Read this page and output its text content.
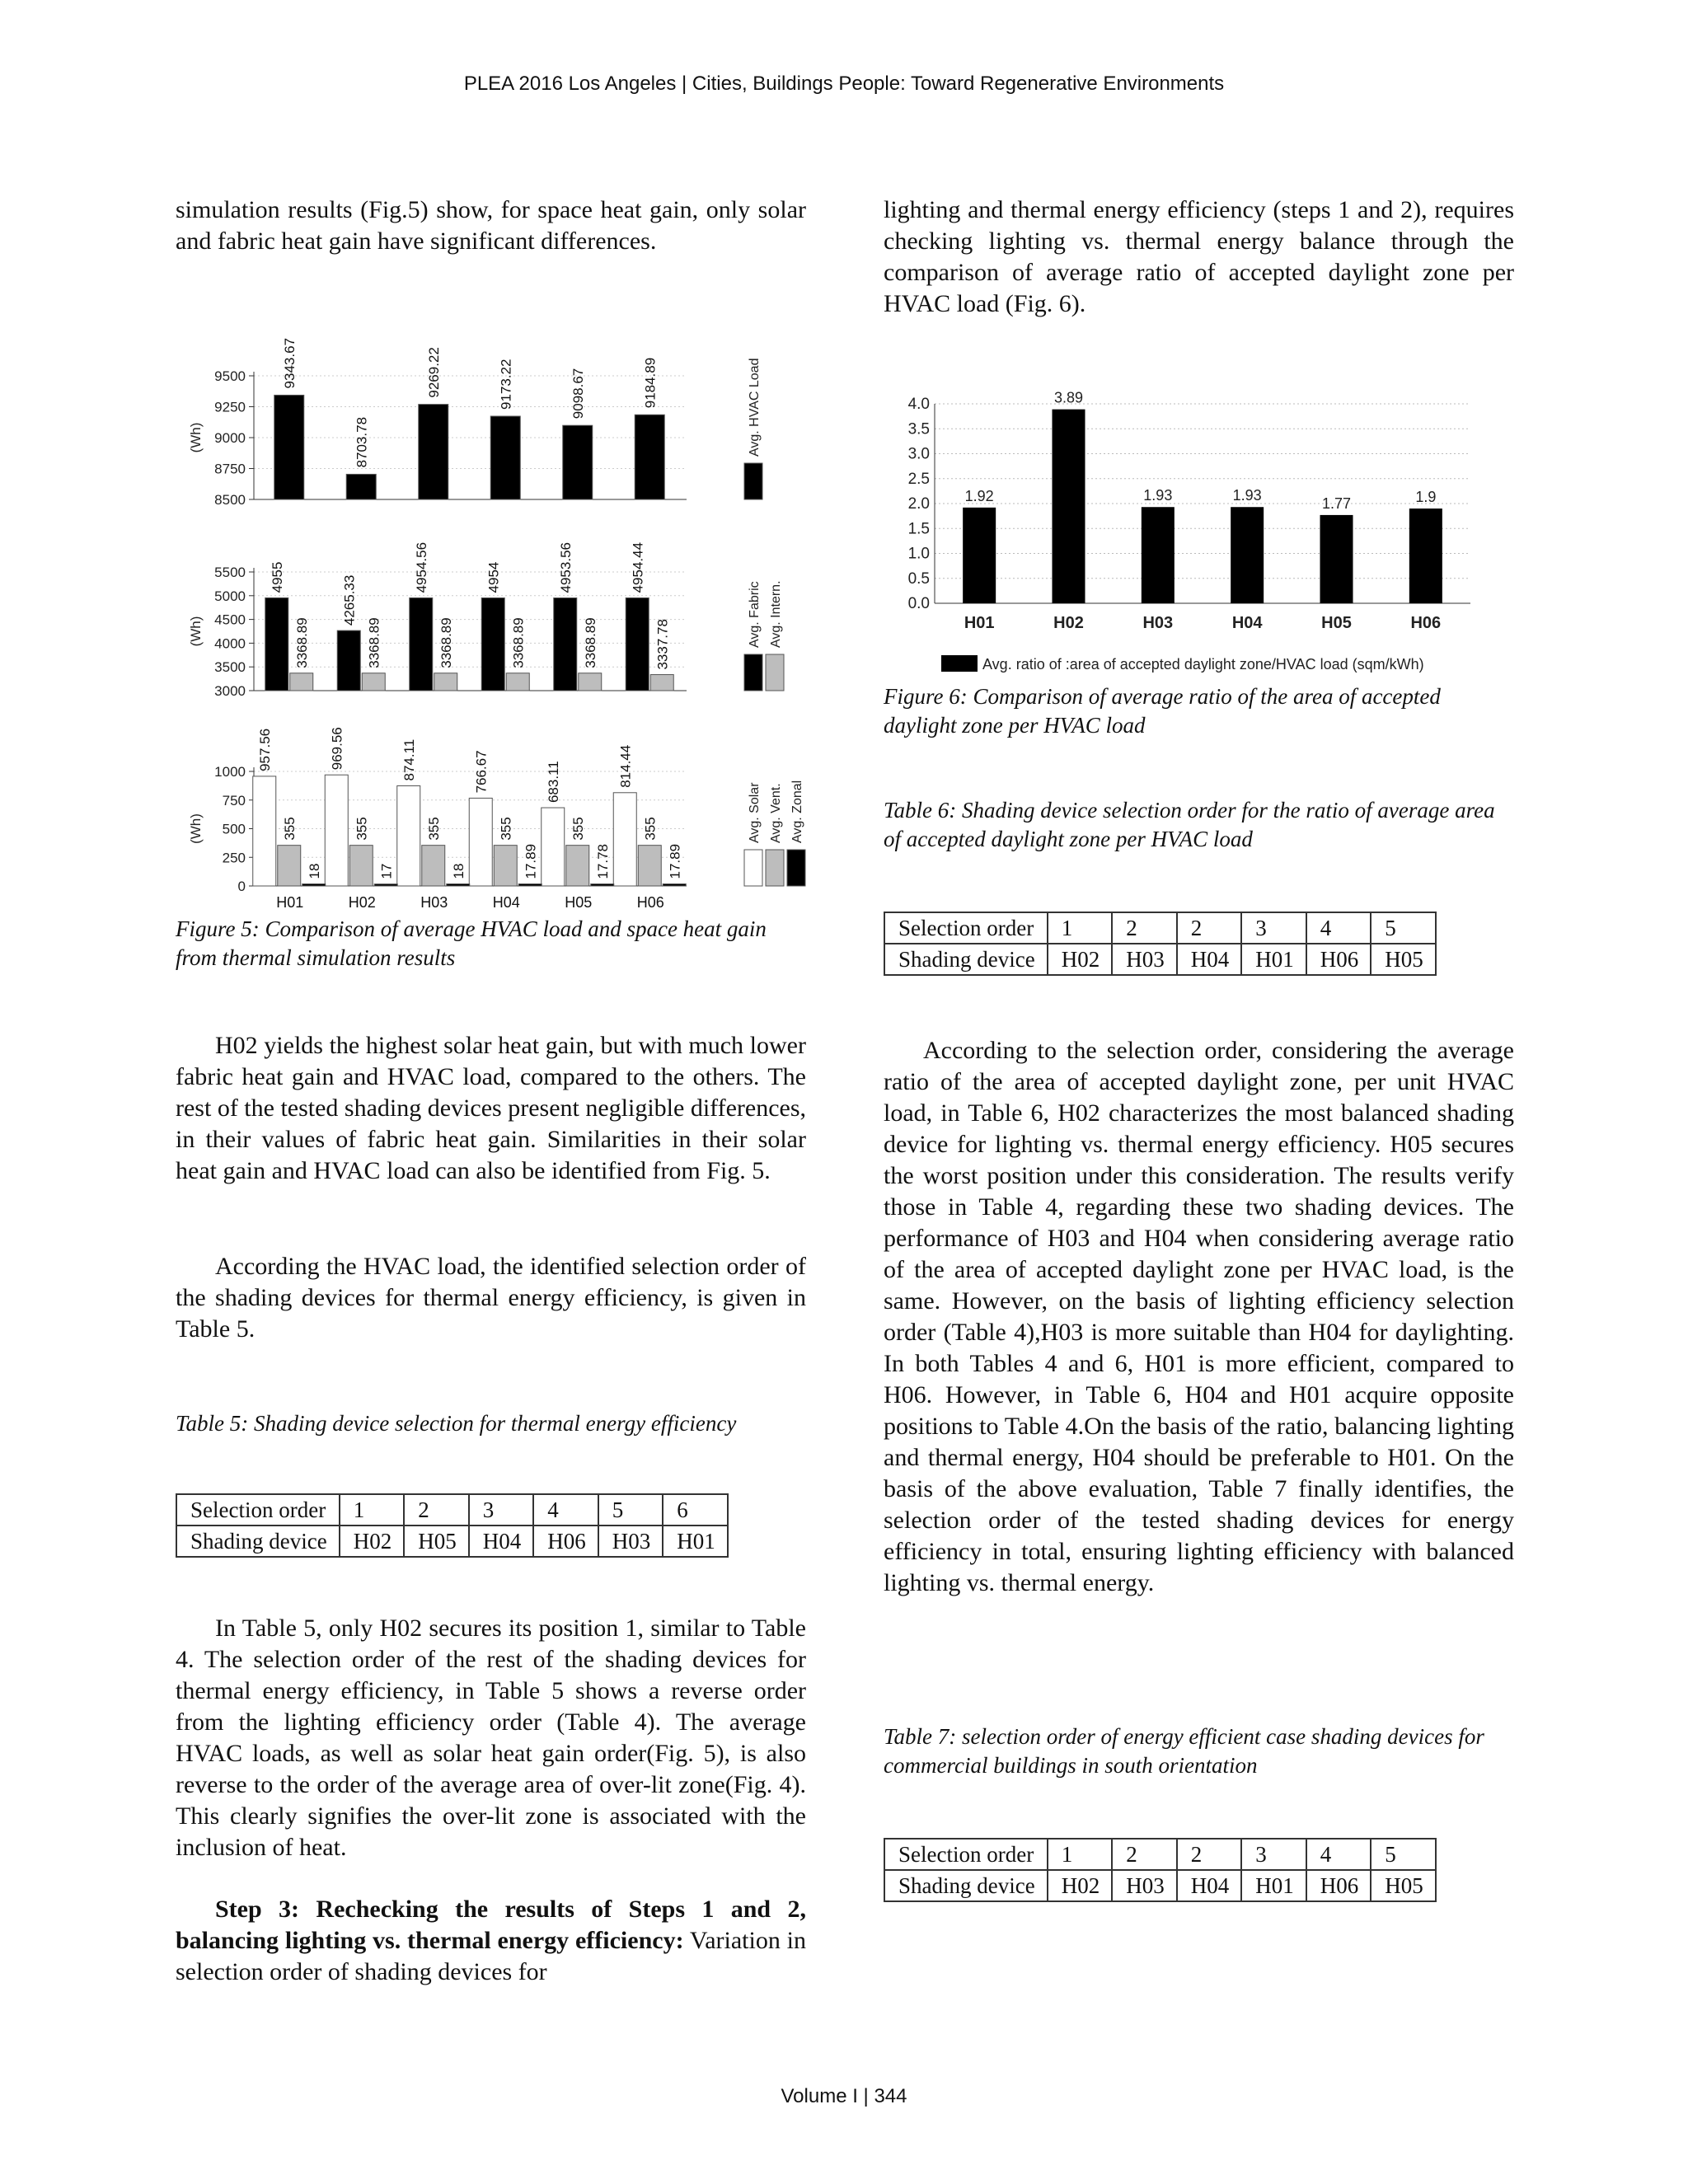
PLEA 2016 Los Angeles | Cities, Buildings People: Toward Regenerative Environments

simulation results (Fig.5) show, for space heat gain, only solar and fabric heat gain have significant differences.

9500
9250
9000
8750
8500
(Wh)
9343.67
8703.78
9269.22	9173.22	9098.67	9184.89	Avg. HVAC Load
5500
5000
4500
4000
3500
3000
(Wh)
4955	4265.33
4954.56	4954	4953.56	4954.44
3368.89	3368.89	3368.89	3368.89	3368.89	3337.78	Avg. Fabric Avg. Intern.
1000
750
500
250
0
(Wh)
957.56	969.56	874.11	766.67	683.11	814.44
355	355	355	355	355	355
18	17	18	17.89	17.78	17.89
H01	H02	H03	H04	H05	H06
Avg. Solar Avg. Vent. Avg. Zonal
Figure 5: Comparison of average HVAC load and space heat gain from thermal simulation results

H02 yields the highest solar heat gain, but with much lower fabric heat gain and HVAC load, compared to the others. The rest of the tested shading devices present negligible differences, in their values of fabric heat gain. Similarities in their solar heat gain and HVAC load can also be identified from Fig. 5.

According the HVAC load, the identified selection order of the shading devices for thermal energy efficiency, is given in Table 5.

Table 5: Shading device selection for thermal energy efficiency
Selection order	1	2	3	4	5	6
Shading device	H02	H05	H04	H06	H03	H01

In Table 5, only H02 secures its position 1, similar to Table 4. The selection order of the rest of the shading devices for thermal energy efficiency, in Table 5 shows a reverse order from the lighting efficiency order (Table 4). The average HVAC loads, as well as solar heat gain order(Fig. 5), is also reverse to the order of the average area of over-lit zone(Fig. 4). This clearly signifies the over-lit zone is associated with the inclusion of heat.

Step 3: Rechecking the results of Steps 1 and 2, balancing lighting vs. thermal energy efficiency: Variation in selection order of shading devices for

lighting and thermal energy efficiency (steps 1 and 2), requires checking lighting vs. thermal energy balance through the comparison of average ratio of accepted daylight zone per HVAC load (Fig. 6).

4.0
3.5
3.0
2.5
2.0
1.5
1.0
0.5
0.0
1.92
H01
3.89
H02
1.93
H03
1.93
H04
1.77
H05
1.9
H06
Avg. ratio of :area of accepted daylight zone/HVAC load (sqm/kWh)
Figure 6: Comparison of average ratio of the area of accepted daylight zone per HVAC load
Table 6: Shading device selection order for the ratio of average area of accepted daylight zone per HVAC load
Selection order	1	2	2	3	4	5
Shading device	H02	H03	H04	H01	H06	H05

According to the selection order, considering the average ratio of the area of accepted daylight zone, per unit HVAC load, in Table 6, H02 characterizes the most balanced shading device for lighting vs. thermal energy efficiency. H05 secures the worst position under this consideration. The results verify those in Table 4, regarding these two shading devices. The performance of H03 and H04 when considering average ratio of the area of accepted daylight zone per HVAC load, is the same. However, on the basis of lighting efficiency selection order (Table 4),H03 is more suitable than H04 for daylighting. In both Tables 4 and 6, H01 is more efficient, compared to H06. However, in Table 6, H04 and H01 acquire opposite positions to Table 4.On the basis of the ratio, balancing lighting and thermal energy, H04 should be preferable to H01. On the basis of the above evaluation, Table 7 finally identifies, the selection order of the tested shading devices for energy efficiency in total, ensuring lighting efficiency with balanced lighting vs. thermal energy.

Table 7: selection order of energy efficient case shading devices for commercial buildings in south orientation
Selection order	1	2	2	3	4	5
Shading device	H02	H03	H04	H01	H06	H05
Volume I | 344
